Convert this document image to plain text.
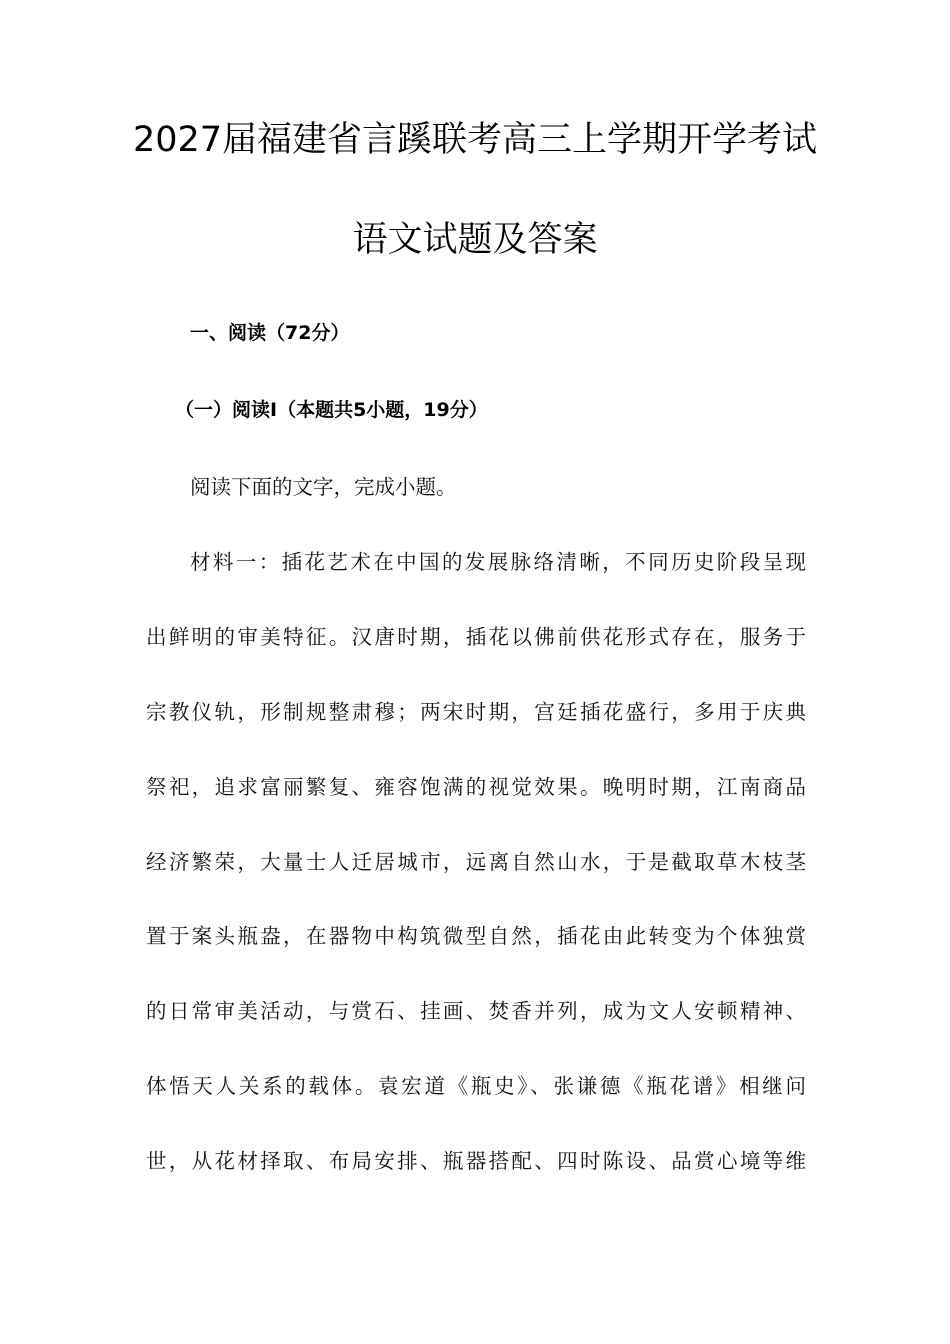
2027届福建省言蹊联考高三上学期开学考试
语文试题及答案
一、阅读（72分）
（一）阅读Ⅰ（本题共5小题，19分）
阅读下面的文字，完成小题。
材料一：插花艺术在中国的发展脉络清晰，不同历史阶段呈现
出鲜明的审美特征。汉唐时期，插花以佛前供花形式存在，服务于
宗教仪轨，形制规整肃穆；两宋时期，宫廷插花盛行，多用于庆典
祭祀，追求富丽繁复、雍容饱满的视觉效果。晚明时期，江南商品
经济繁荣，大量士人迁居城市，远离自然山水，于是截取草木枝茎
置于案头瓶盎，在器物中构筑微型自然，插花由此转变为个体独赏
的日常审美活动，与赏石、挂画、焚香并列，成为文人安顿精神、
体悟天人关系的载体。袁宏道《瓶史》、张谦德《瓶花谱》相继问
世，从花材择取、布局安排、瓶器搭配、四时陈设、品赏心境等维
